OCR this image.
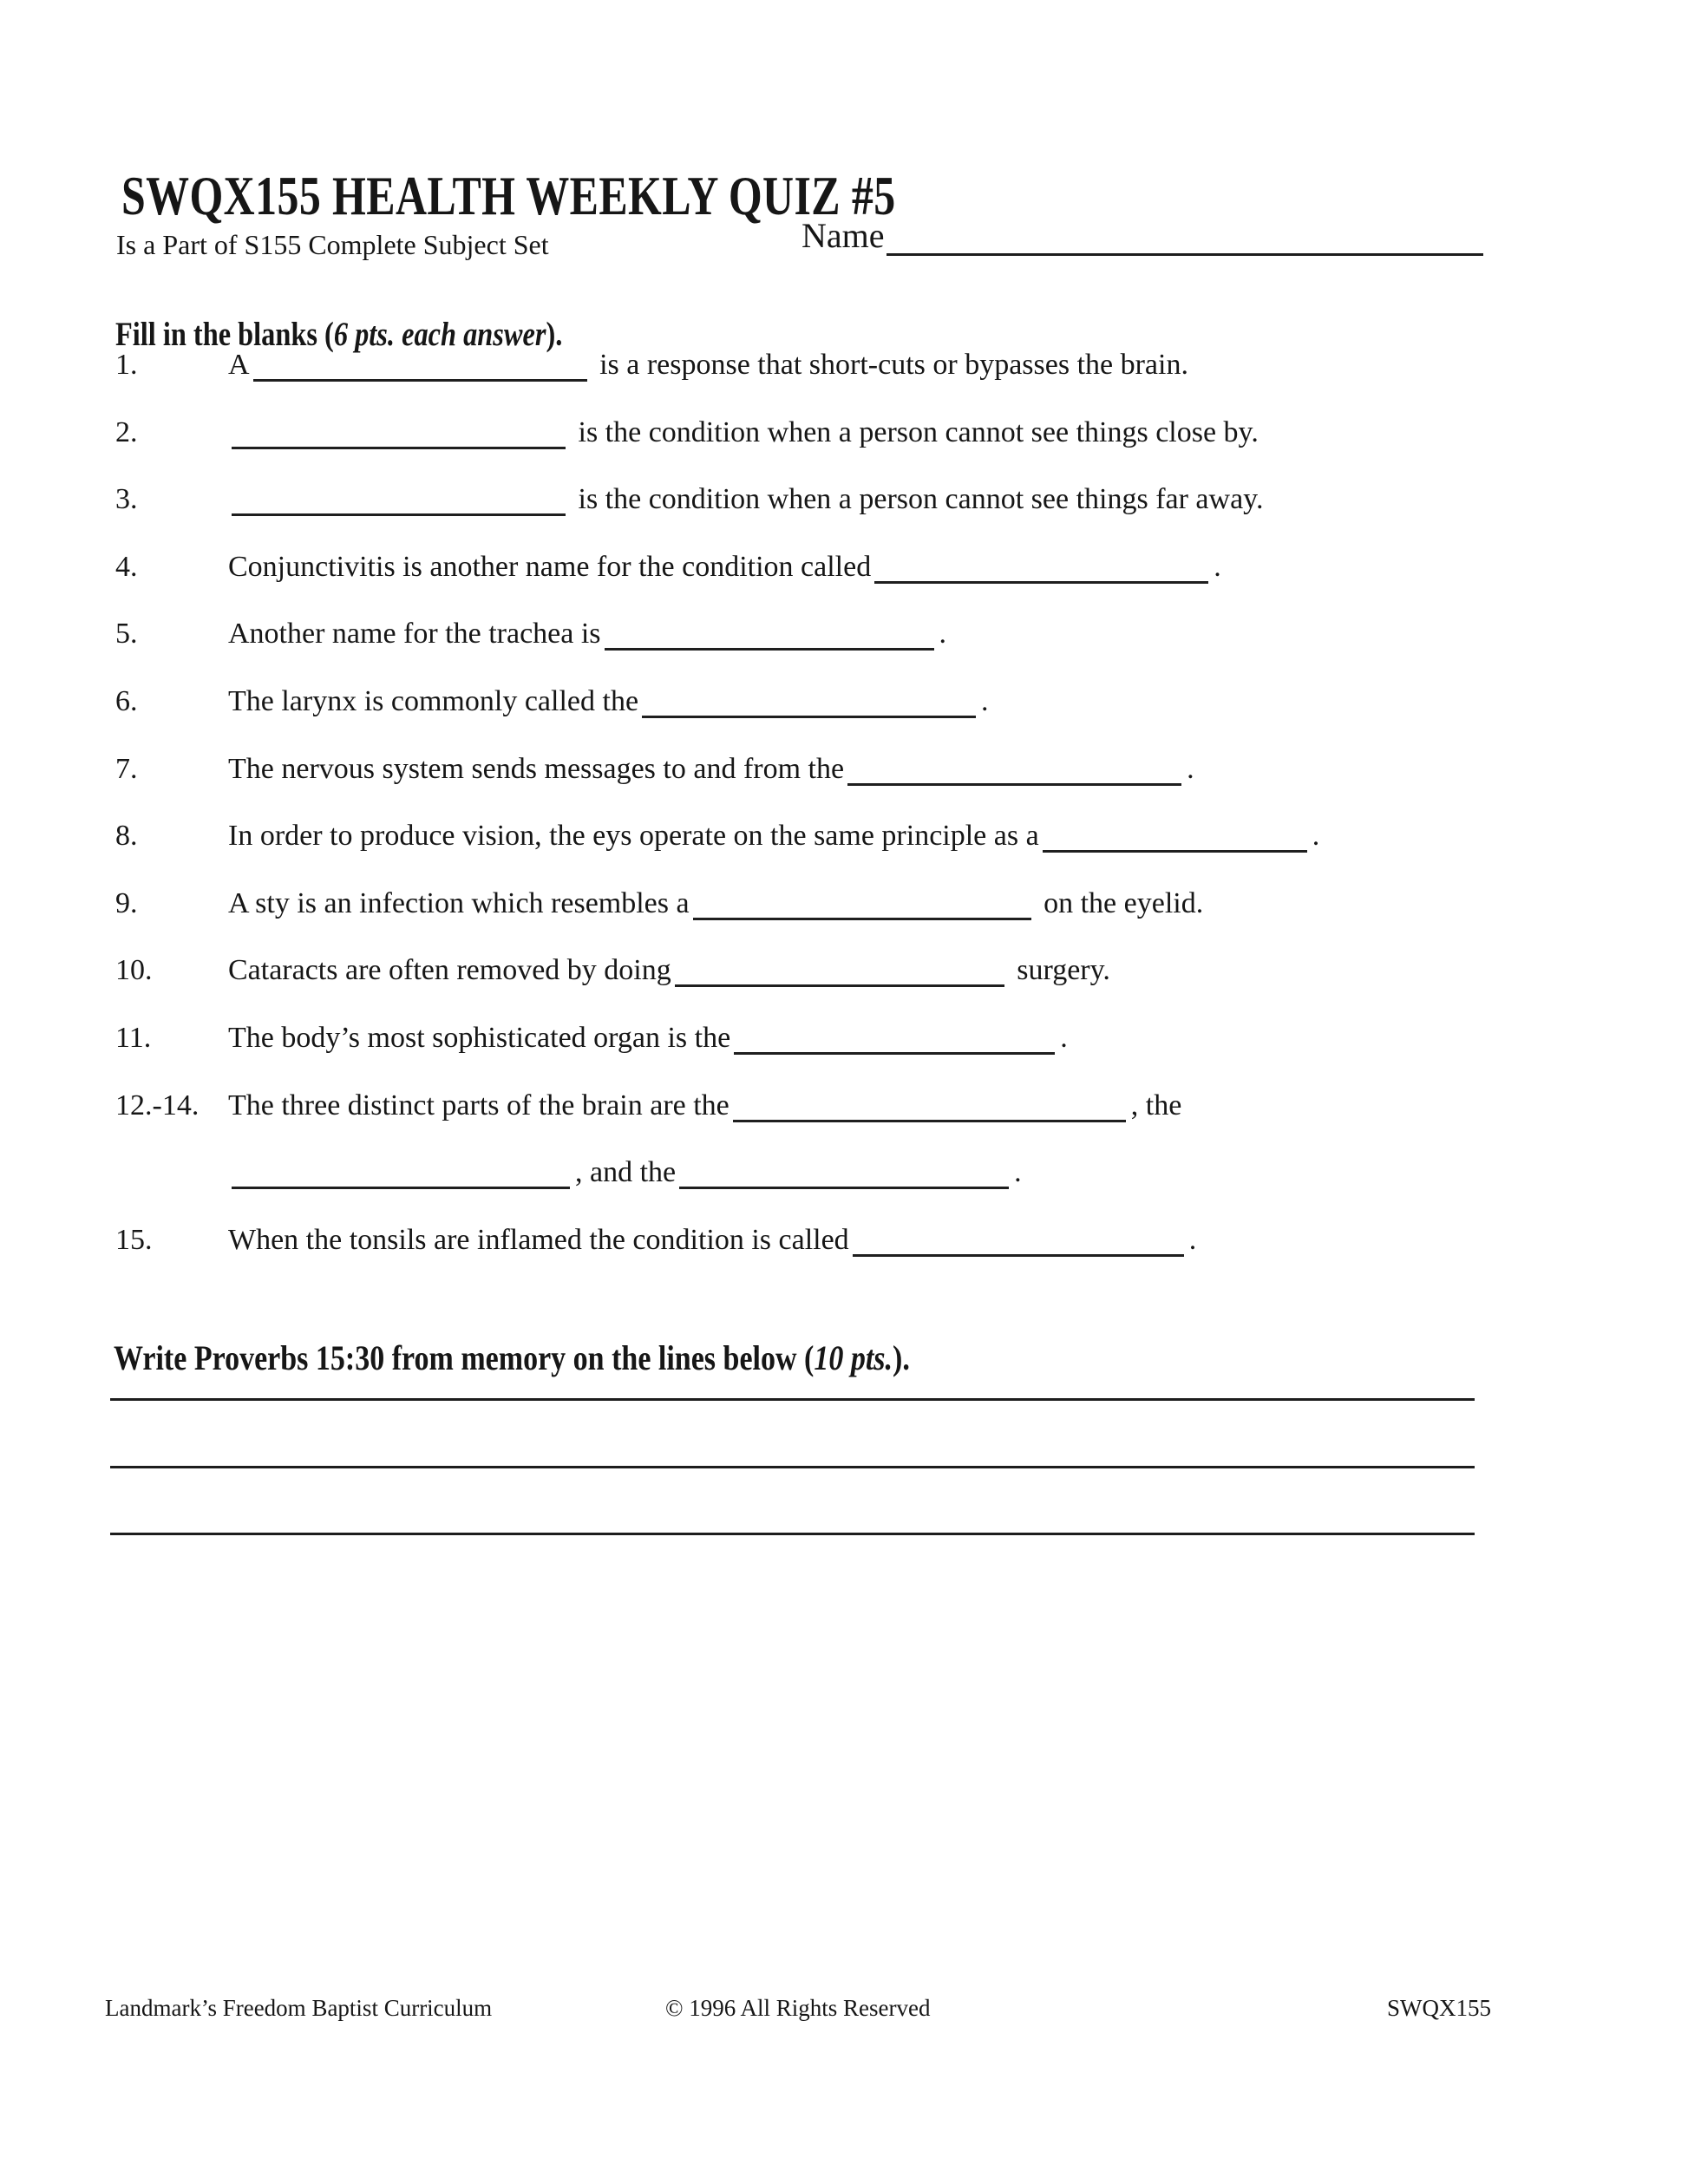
SWQX155 HEALTH WEEKLY QUIZ #5
Is a Part of S155 Complete Subject Set	Name

Fill in the blanks (6 pts. each answer).

1.	A	is a response that short-cuts or bypasses the brain.
2.	is the condition when a person cannot see things close by.
3.	is the condition when a person cannot see things far away.
4.	Conjunctivitis is another name for the condition called	.
5.	Another name for the trachea is	.
6.	The larynx is commonly called the	.
7.	The nervous system sends messages to and from the	.
8.	In order to produce vision, the eys operate on the same principle as a	.
9.	A sty is an infection which resembles a	on the eyelid.
10.	Cataracts are often removed by doing	surgery.
11.	The body’s most sophisticated organ is the	.
12.-14. The three distinct parts of the brain are the	, the
, and the	.
15.	When the tonsils are inflamed the condition is called	.

Write Proverbs 15:30 from memory on the lines below (10 pts.).

Landmark’s Freedom Baptist Curriculum	© 1996 All Rights Reserved	SWQX155
